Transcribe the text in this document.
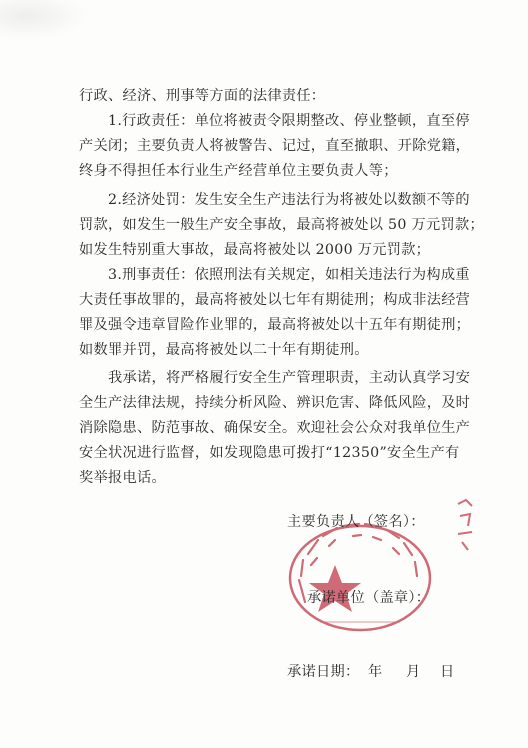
行政、经济、刑事等方面的法律责任：
1.行政责任：单位将被责令限期整改、停业整顿，直至停
产关闭；主要负责人将被警告、记过，直至撤职、开除党籍，
终身不得担任本行业生产经营单位主要负责人等；
2.经济处罚：发生安全生产违法行为将被处以数额不等的
罚款，如发生一般生产安全事故，最高将被处以 50 万元罚款；
如发生特别重大事故，最高将被处以 2000 万元罚款；
3.刑事责任：依照刑法有关规定，如相关违法行为构成重
大责任事故罪的，最高将被处以七年有期徒刑；构成非法经营
罪及强令违章冒险作业罪的，最高将被处以十五年有期徒刑；
如数罪并罚，最高将被处以二十年有期徒刑。
我承诺，将严格履行安全生产管理职责，主动认真学习安
全生产法律法规，持续分析风险、辨识危害、降低风险，及时
消除隐患、防范事故、确保安全。欢迎社会公众对我单位生产
安全状况进行监督，如发现隐患可拨打“12350”安全生产有
奖举报电话。
主要负责人（签名）：
承诺单位（盖章）：
承诺日期： 年 月 日
